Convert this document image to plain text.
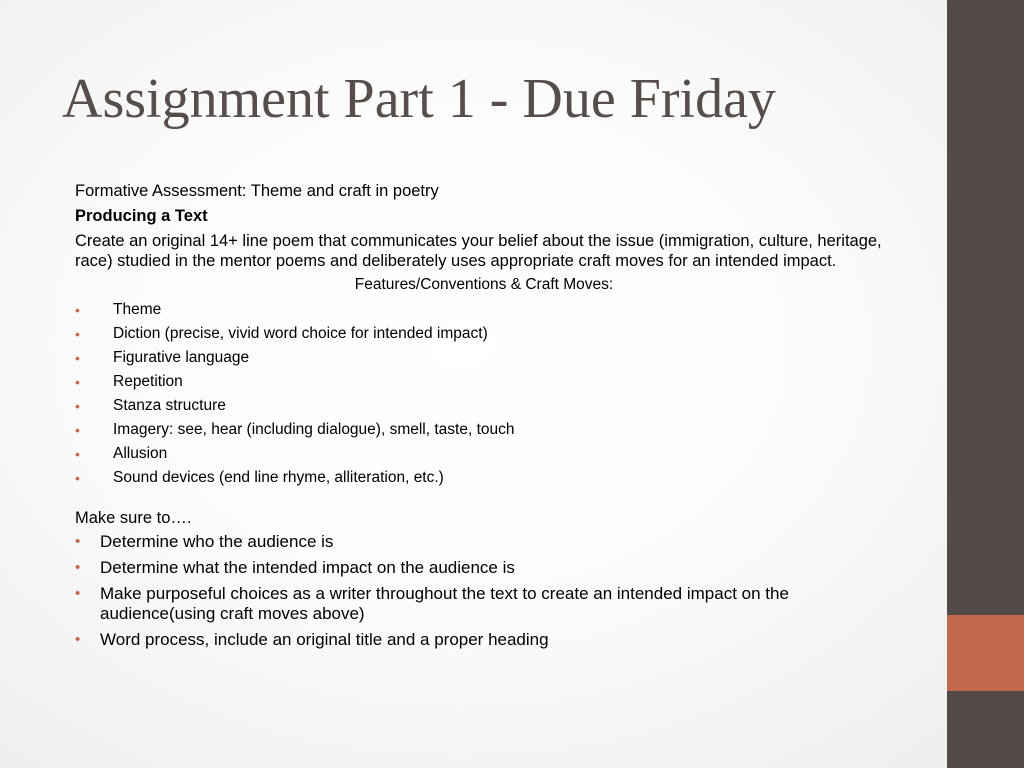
Assignment Part 1 - Due Friday

Formative Assessment: Theme and craft in poetry

Producing a Text

Create an original 14+ line poem that communicates your belief about the issue (immigration, culture, heritage, race) studied in the mentor poems and deliberately uses appropriate craft moves for an intended impact.

Features/Conventions & Craft Moves:

• Theme
• Diction (precise, vivid word choice for intended impact)
• Figurative language
• Repetition
• Stanza structure
• Imagery: see, hear (including dialogue), smell, taste, touch
• Allusion
• Sound devices (end line rhyme, alliteration, etc.)

Make sure to….

• Determine who the audience is
• Determine what the intended impact on the audience is
• Make purposeful choices as a writer throughout the text to create an intended impact on the audience(using craft moves above)
• Word process, include an original title and a proper heading
